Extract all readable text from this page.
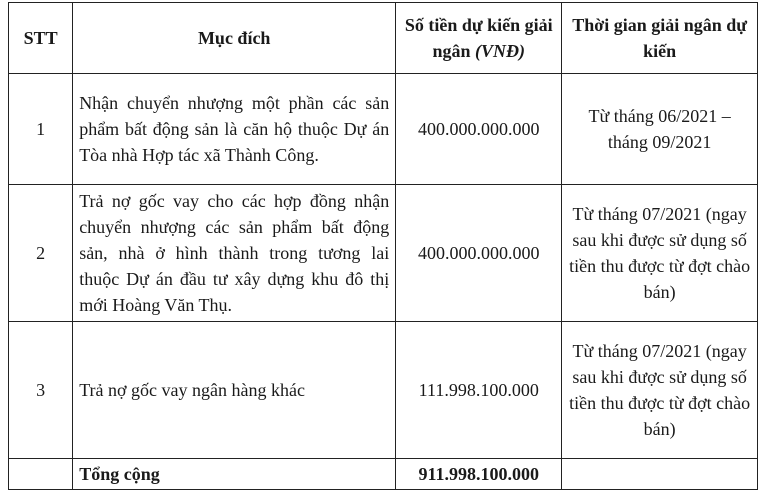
STT	Mục đích	Số tiền dự kiến giải ngân (VNĐ)	Thời gian giải ngân dự kiến
1	Nhận chuyển nhượng một phần các sản phẩm bất động sản là căn hộ thuộc Dự án Tòa nhà Hợp tác xã Thành Công.	400.000.000.000	Từ tháng 06/2021 – tháng 09/2021
2	Trả nợ gốc vay cho các hợp đồng nhận chuyển nhượng các sản phẩm bất động sản, nhà ở hình thành trong tương lai thuộc Dự án đầu tư xây dựng khu đô thị mới Hoàng Văn Thụ.	400.000.000.000	Từ tháng 07/2021 (ngay sau khi được sử dụng số tiền thu được từ đợt chào bán)
3	Trả nợ gốc vay ngân hàng khác	111.998.100.000	Từ tháng 07/2021 (ngay sau khi được sử dụng số tiền thu được từ đợt chào bán)
	Tổng cộng	911.998.100.000	
